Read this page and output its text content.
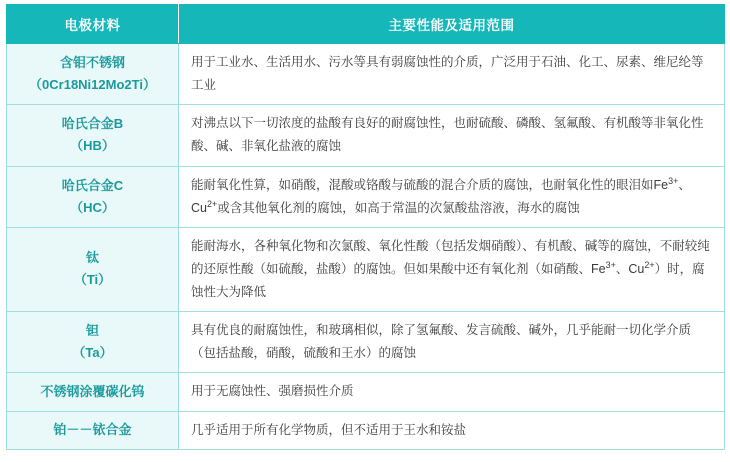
电极材料	主要性能及适用范围

含钼不锈钢
（0Cr18Ni12Mo2Ti）	用于工业水、生活用水、污水等具有弱腐蚀性的介质，广泛用于石油、化工、尿素、维尼纶等工业

哈氏合金B
（HB）	对沸点以下一切浓度的盐酸有良好的耐腐蚀性，也耐硫酸、磷酸、氢氟酸、有机酸等非氧化性酸、碱、非氧化盐液的腐蚀

哈氏合金C
（HC）	能耐氧化性算，如硝酸，混酸或铬酸与硫酸的混合介质的腐蚀，也耐氧化性的眼泪如$Fe^{3+}$、$Cu^{2+}$或含其他氧化剂的腐蚀，如高于常温的次氯酸盐溶液，海水的腐蚀

钛
（Ti）	能耐海水，各种氧化物和次氯酸、氧化性酸（包括发烟硝酸）、有机酸、碱等的腐蚀，不耐较纯的还原性酸（如硫酸，盐酸）的腐蚀。但如果酸中还有氧化剂（如硝酸、$Fe^{3+}$、$Cu^{2+}$）时，腐蚀性大为降低

钽
（Ta）	具有优良的耐腐蚀性，和玻璃相似，除了氢氟酸、发言硫酸、碱外，几乎能耐一切化学介质（包括盐酸，硝酸，硫酸和王水）的腐蚀

不锈钢涂覆碳化钨	用于无腐蚀性、强磨损性介质

铂－－铱合金	几乎适用于所有化学物质，但不适用于王水和铵盐
